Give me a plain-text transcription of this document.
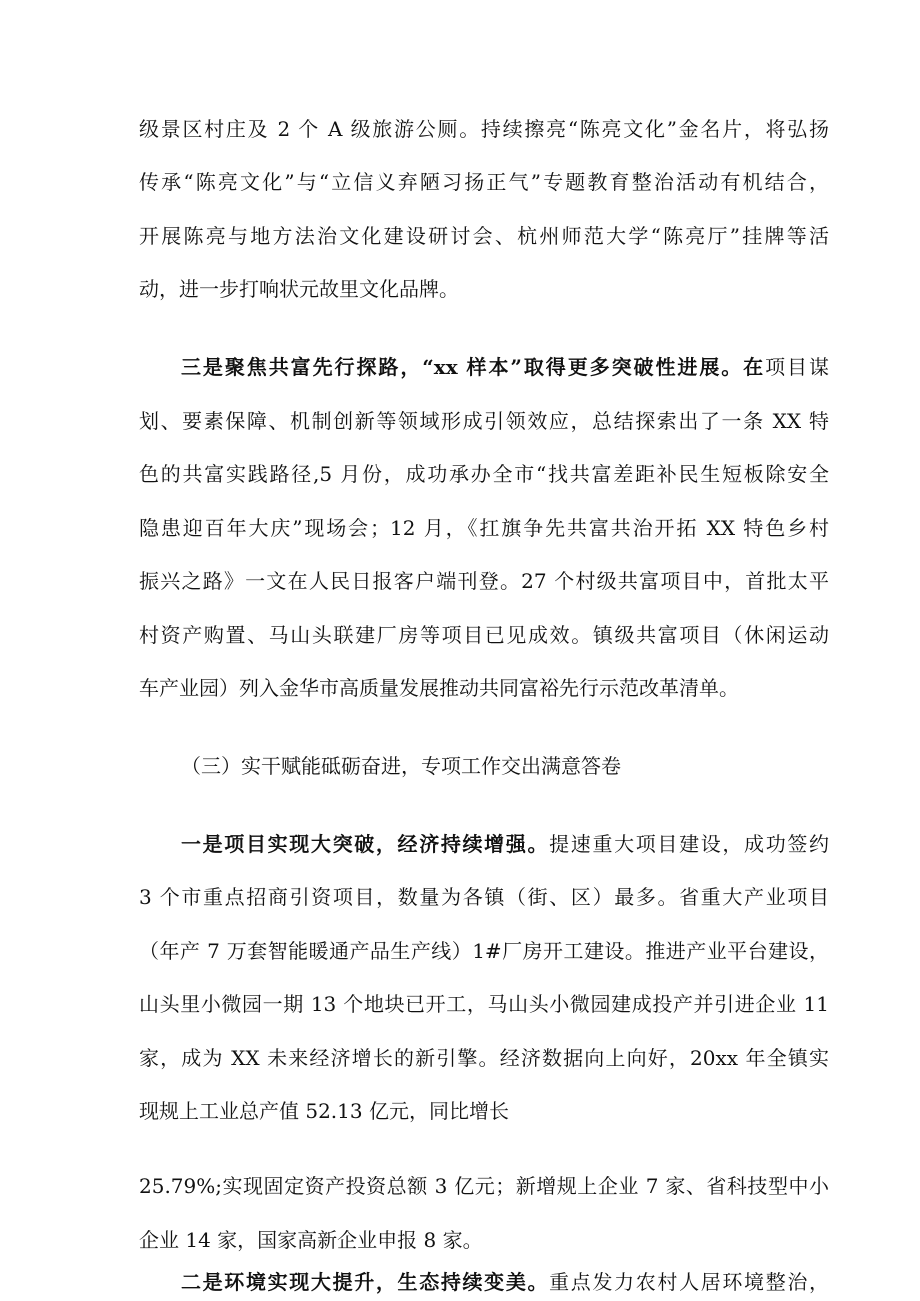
级景区村庄及 2 个 A 级旅游公厕。持续擦亮“陈亮文化”金名片，将弘扬
传承“陈亮文化”与“立信义弃陋习扬正气”专题教育整治活动有机结合，
开展陈亮与地方法治文化建设研讨会、杭州师范大学“陈亮厅”挂牌等活
动，进一步打响状元故里文化品牌。
三是聚焦共富先行探路，“xx 样本”取得更多突破性进展。在项目谋
划、要素保障、机制创新等领域形成引领效应，总结探索出了一条 XX 特
色的共富实践路径,5 月份，成功承办全市“找共富差距补民生短板除安全
隐患迎百年大庆”现场会；12 月，《扛旗争先共富共治开拓 XX 特色乡村
振兴之路》一文在人民日报客户端刊登。27 个村级共富项目中，首批太平
村资产购置、马山头联建厂房等项目已见成效。镇级共富项目（休闲运动
车产业园）列入金华市高质量发展推动共同富裕先行示范改革清单。
（三）实干赋能砥砺奋进，专项工作交出满意答卷
一是项目实现大突破，经济持续增强。提速重大项目建设，成功签约
3 个市重点招商引资项目，数量为各镇（街、区）最多。省重大产业项目
（年产 7 万套智能暖通产品生产线）1#厂房开工建设。推进产业平台建设，
山头里小微园一期 13 个地块已开工，马山头小微园建成投产并引进企业 11
家，成为 XX 未来经济增长的新引擎。经济数据向上向好，20xx 年全镇实
现规上工业总产值 52.13 亿元，同比增长
25.79%;实现固定资产投资总额 3 亿元；新增规上企业 7 家、省科技型中小
企业 14 家，国家高新企业申报 8 家。
二是环境实现大提升，生态持续变美。重点发力农村人居环境整治，
